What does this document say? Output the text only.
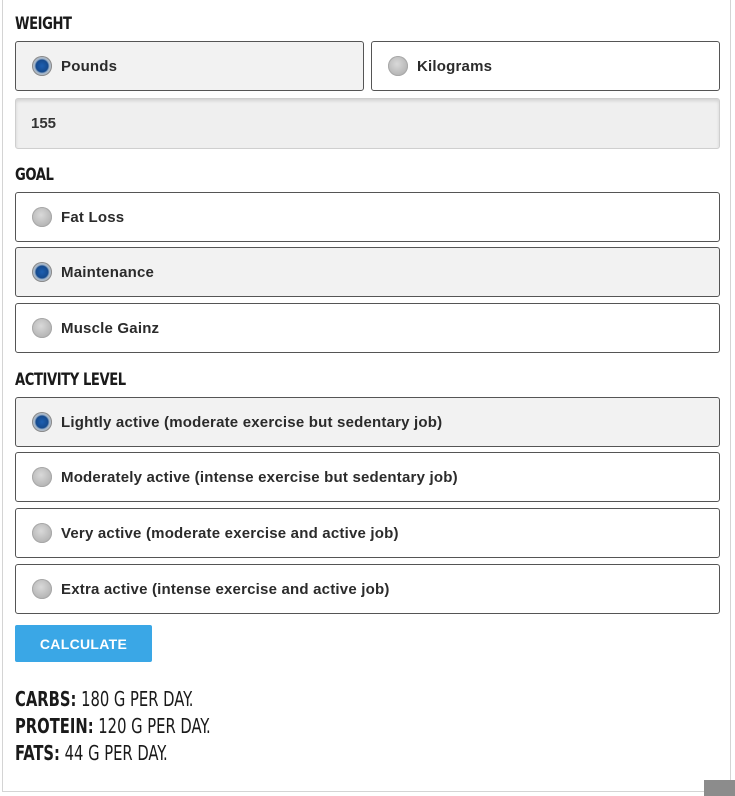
WEIGHT
Pounds	Kilograms
155
GOAL
Fat Loss
Maintenance
Muscle Gainz
ACTIVITY LEVEL
Lightly active (moderate exercise but sedentary job)
Moderately active (intense exercise but sedentary job)
Very active (moderate exercise and active job)
Extra active (intense exercise and active job)
CALCULATE
CARBS: 180 G PER DAY.
PROTEIN: 120 G PER DAY.
FATS: 44 G PER DAY.
